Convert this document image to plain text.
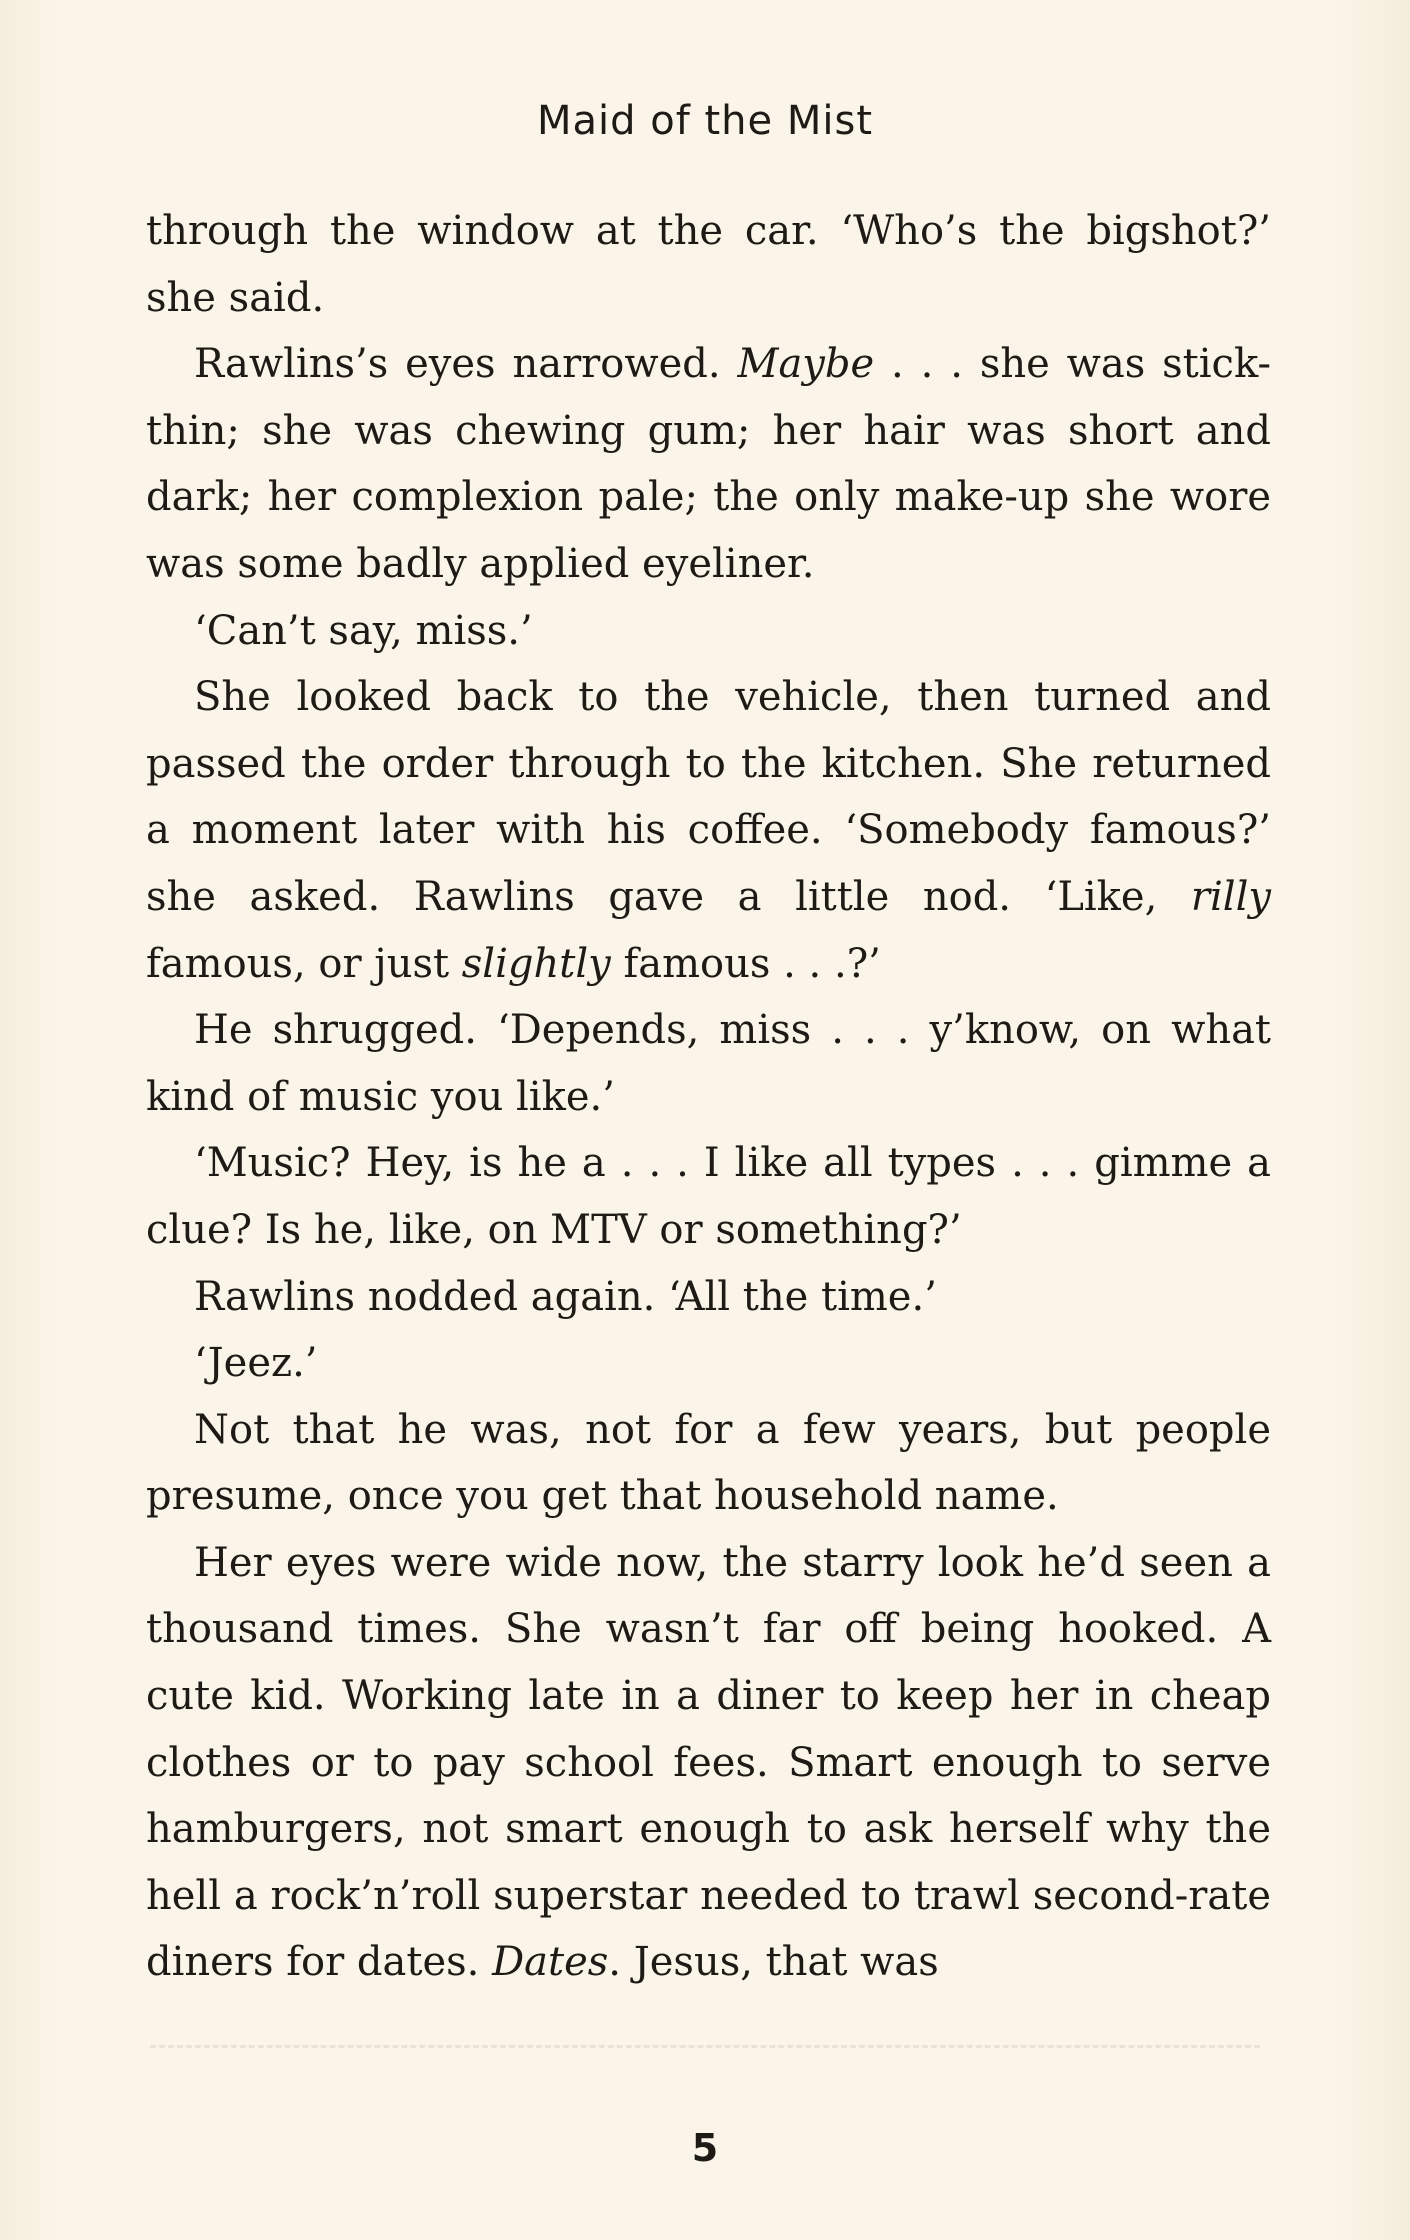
Maid of the Mist

through the window at the car. ‘Who’s the bigshot?’ she said.

Rawlins’s eyes narrowed. Maybe . . . she was stick-thin; she was chewing gum; her hair was short and dark; her complexion pale; the only make-up she wore was some badly applied eyeliner.

‘Can’t say, miss.’

She looked back to the vehicle, then turned and passed the order through to the kitchen. She returned a moment later with his coffee. ‘Somebody famous?’ she asked. Rawlins gave a little nod. ‘Like, rilly famous, or just slightly famous . . .?’

He shrugged. ‘Depends, miss . . . y’know, on what kind of music you like.’

‘Music? Hey, is he a . . . I like all types . . . gimme a clue? Is he, like, on MTV or something?’

Rawlins nodded again. ‘All the time.’

‘Jeez.’

Not that he was, not for a few years, but people presume, once you get that household name.

Her eyes were wide now, the starry look he’d seen a thousand times. She wasn’t far off being hooked. A cute kid. Working late in a diner to keep her in cheap clothes or to pay school fees. Smart enough to serve hamburgers, not smart enough to ask herself why the hell a rock’n’roll superstar needed to trawl second-rate diners for dates. Dates. Jesus, that was

5
